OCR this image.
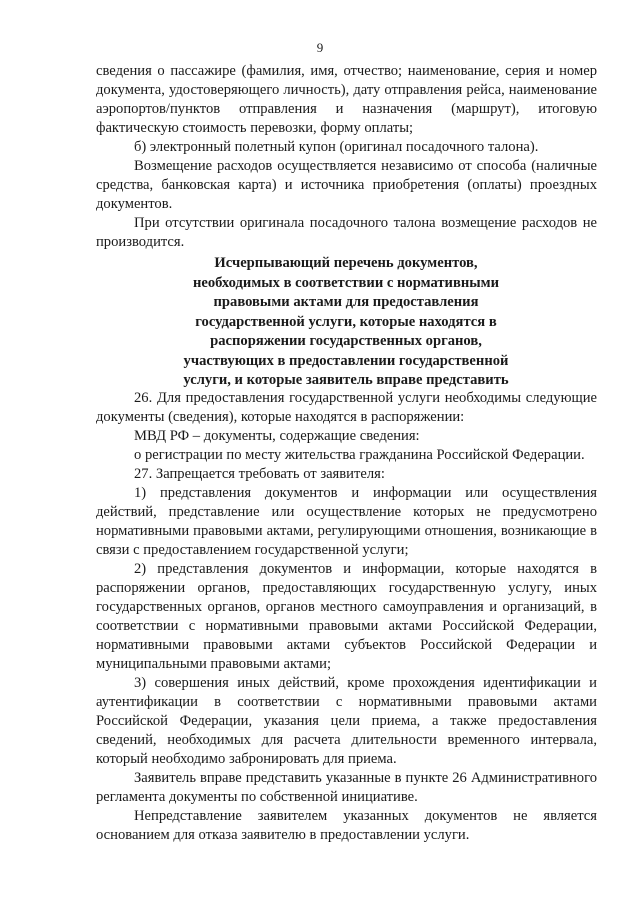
9

сведения о пассажире (фамилия, имя, отчество; наименование, серия и номер документа, удостоверяющего личность), дату отправления рейса, наименование аэропортов/пунктов отправления и назначения (маршрут), итоговую фактическую стоимость перевозки, форму оплаты;

б) электронный полетный купон (оригинал посадочного талона).

Возмещение расходов осуществляется независимо от способа (наличные средства, банковская карта) и источника приобретения (оплаты) проездных документов.

При отсутствии оригинала посадочного талона возмещение расходов не производится.

Исчерпывающий перечень документов, необходимых в соответствии с нормативными правовыми актами для предоставления государственной услуги, которые находятся в распоряжении государственных органов, участвующих в предоставлении государственной услуги, и которые заявитель вправе представить

26. Для предоставления государственной услуги необходимы следующие документы (сведения), которые находятся в распоряжении:

МВД РФ – документы, содержащие сведения:

о регистрации по месту жительства гражданина Российской Федерации.

27. Запрещается требовать от заявителя:

1) представления документов и информации или осуществления действий, представление или осуществление которых не предусмотрено нормативными правовыми актами, регулирующими отношения, возникающие в связи с предоставлением государственной услуги;

2) представления документов и информации, которые находятся в распоряжении органов, предоставляющих государственную услугу, иных государственных органов, органов местного самоуправления и организаций, в соответствии с нормативными правовыми актами Российской Федерации, нормативными правовыми актами субъектов Российской Федерации и муниципальными правовыми актами;

3) совершения иных действий, кроме прохождения идентификации и аутентификации в соответствии с нормативными правовыми актами Российской Федерации, указания цели приема, а также предоставления сведений, необходимых для расчета длительности временного интервала, который необходимо забронировать для приема.

Заявитель вправе представить указанные в пункте 26 Административного регламента документы по собственной инициативе.

Непредставление заявителем указанных документов не является основанием для отказа заявителю в предоставлении услуги.
